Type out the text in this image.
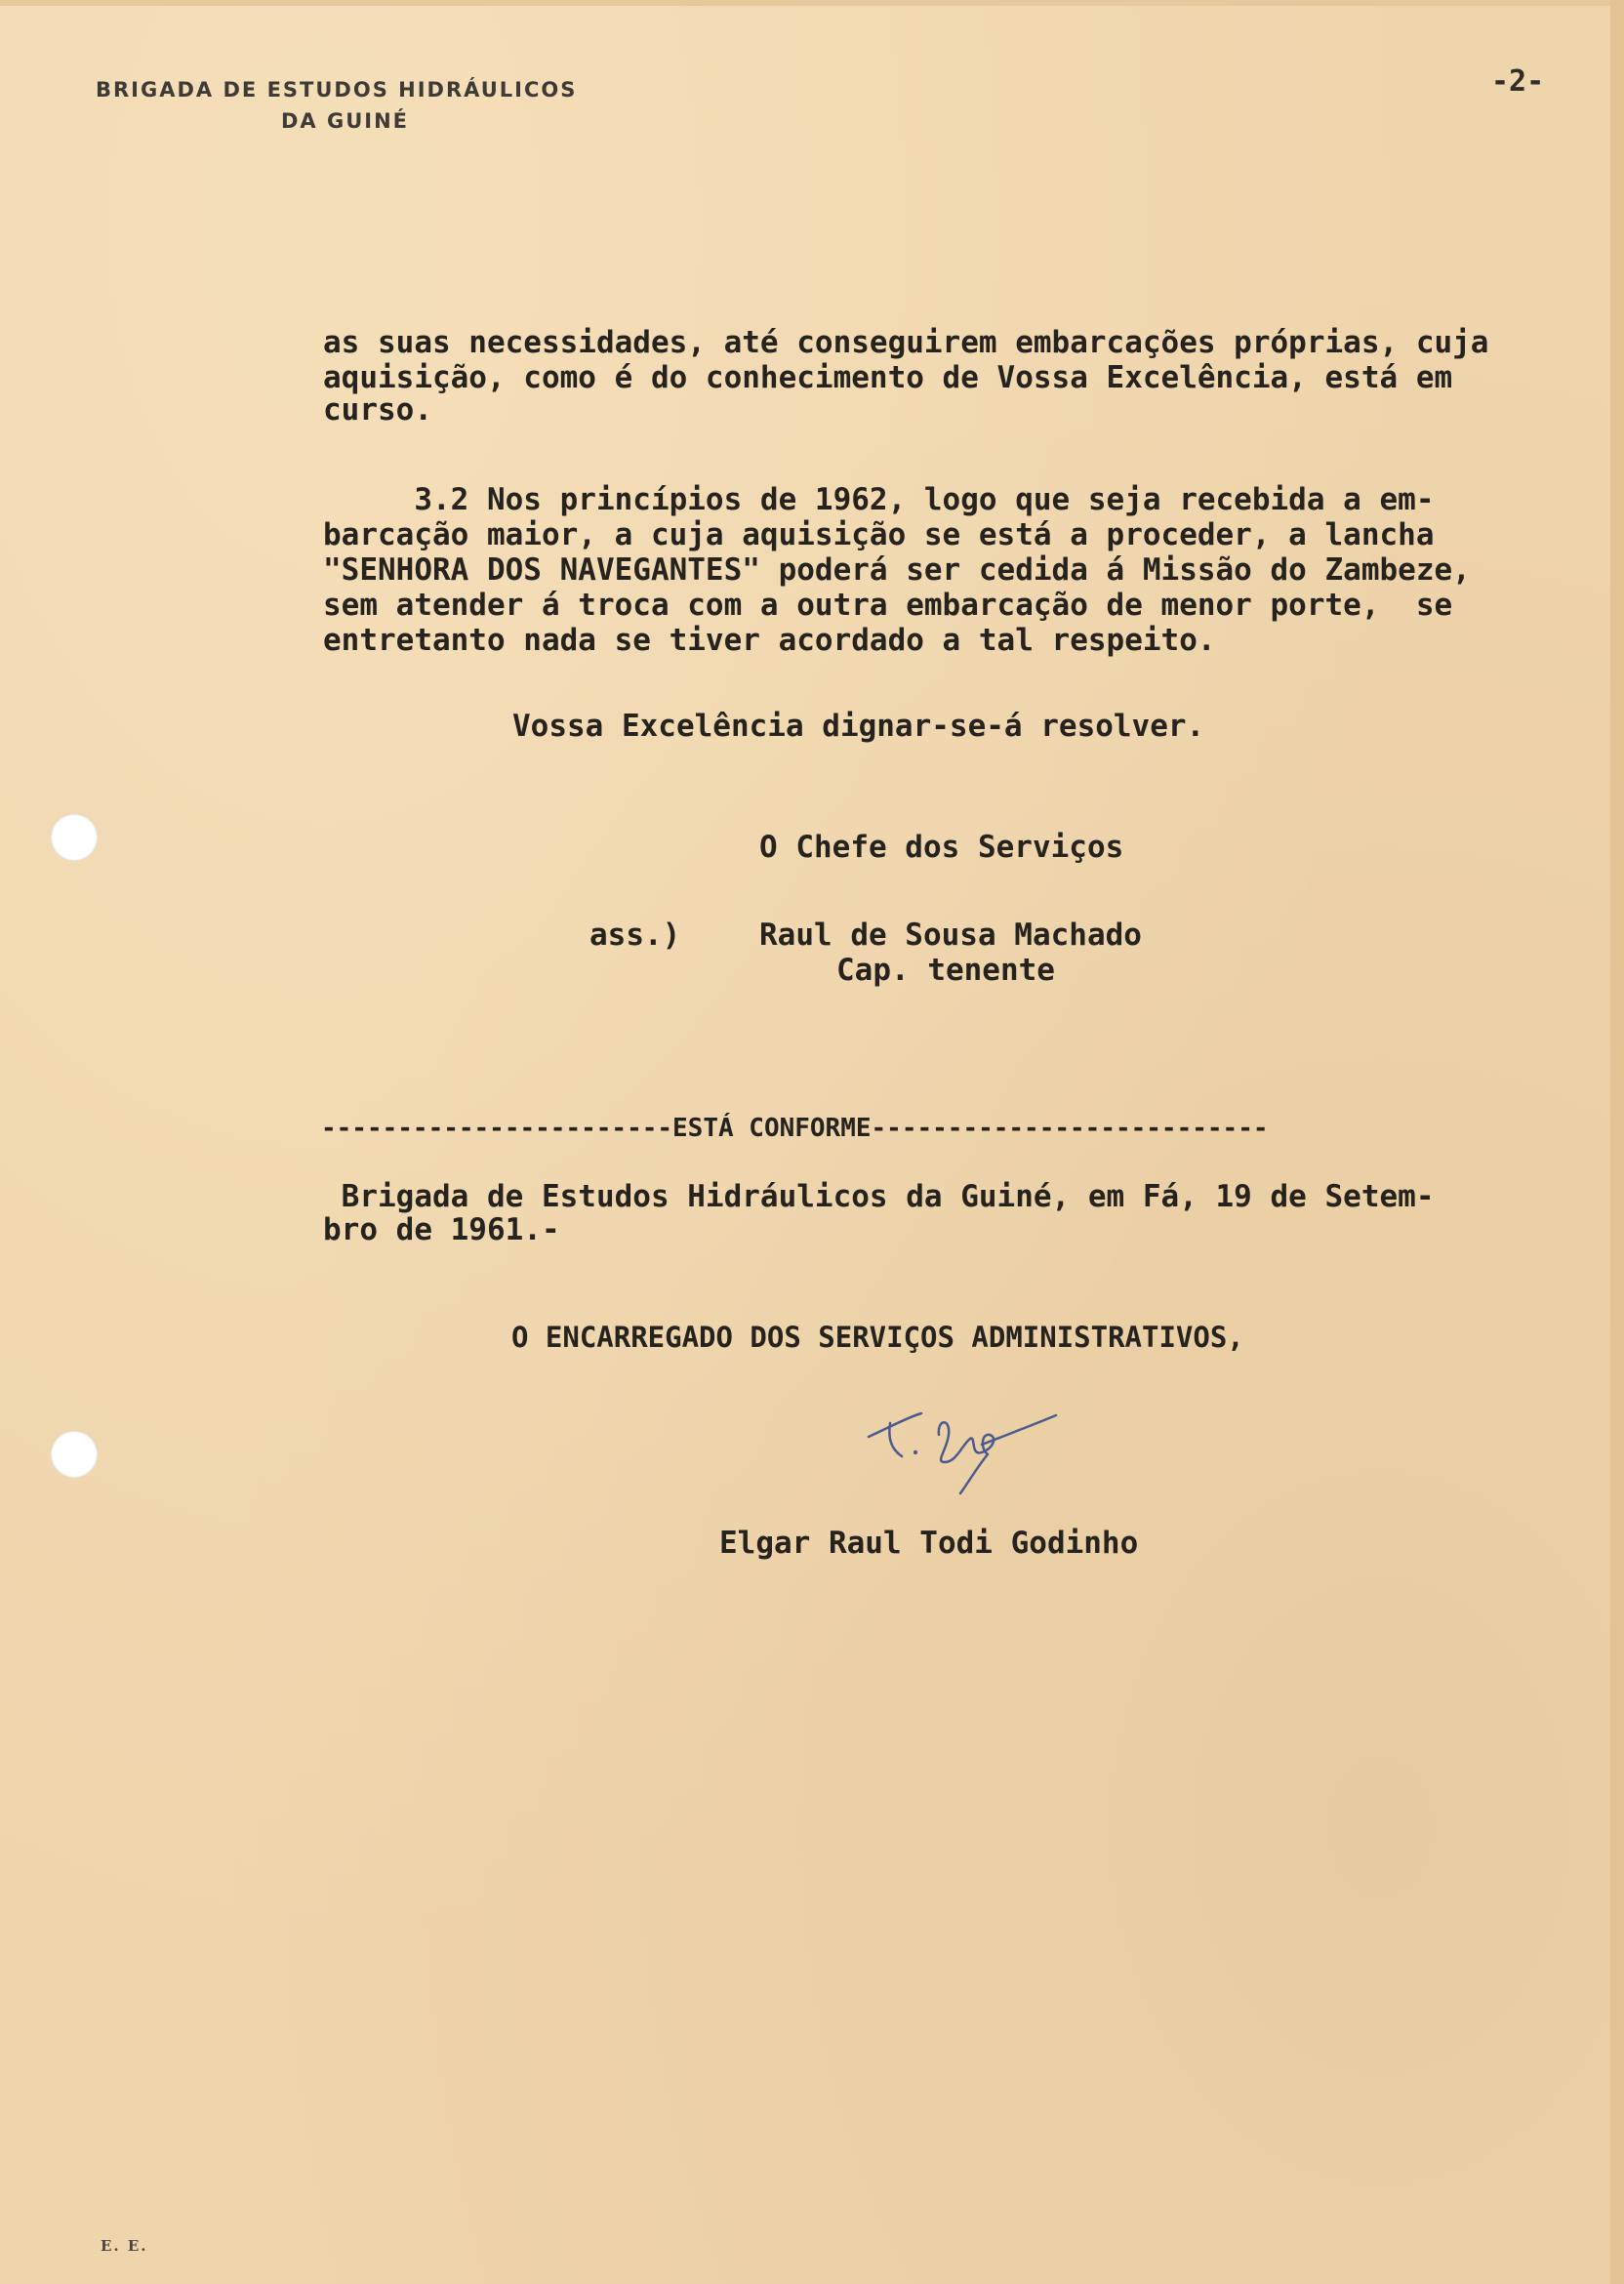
BRIGADA DE ESTUDOS HIDRÁULICOS
DA GUINÉ
-2-
as suas necessidades, até conseguirem embarcações próprias, cuja
aquisição, como é do conhecimento de Vossa Excelência, está em
curso.
3.2 Nos princípios de 1962, logo que seja recebida a em-
barcação maior, a cuja aquisição se está a proceder, a lancha
"SENHORA DOS NAVEGANTES" poderá ser cedida á Missão do Zambeze,
sem atender á troca com a outra embarcação de menor porte,  se
entretanto nada se tiver acordado a tal respeito.
Vossa Excelência dignar-se-á resolver.
O Chefe dos Serviços
ass.)	Raul de Sousa Machado
Cap. tenente
-----------------------ESTÁ CONFORME--------------------------
Brigada de Estudos Hidráulicos da Guiné, em Fá, 19 de Setem-
bro de 1961.-
O ENCARREGADO DOS SERVIÇOS ADMINISTRATIVOS,
Elgar Raul Todi Godinho
E. E.
